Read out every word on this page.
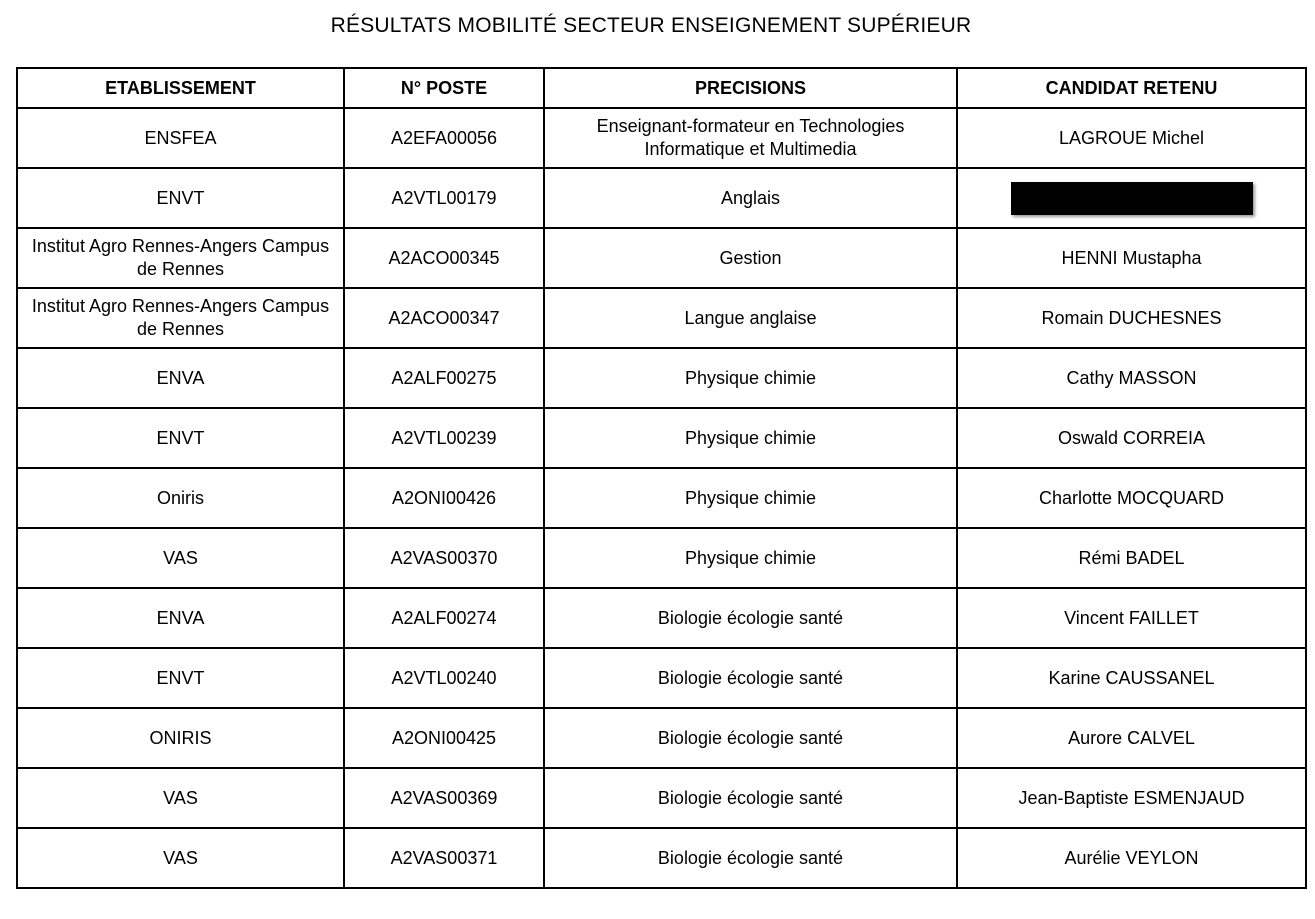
RÉSULTATS MOBILITÉ SECTEUR ENSEIGNEMENT SUPÉRIEUR
ETABLISSEMENT	N° POSTE	PRECISIONS	CANDIDAT RETENU
ENSFEA	A2EFA00056	Enseignant-formateur en Technologies Informatique et Multimedia	LAGROUE Michel
ENVT	A2VTL00179	Anglais	
Institut Agro Rennes-Angers Campus de Rennes	A2ACO00345	Gestion	HENNI Mustapha
Institut Agro Rennes-Angers Campus de Rennes	A2ACO00347	Langue anglaise	Romain DUCHESNES
ENVA	A2ALF00275	Physique chimie	Cathy MASSON
ENVT	A2VTL00239	Physique chimie	Oswald CORREIA
Oniris	A2ONI00426	Physique chimie	Charlotte MOCQUARD
VAS	A2VAS00370	Physique chimie	Rémi BADEL
ENVA	A2ALF00274	Biologie écologie santé	Vincent FAILLET
ENVT	A2VTL00240	Biologie écologie santé	Karine CAUSSANEL
ONIRIS	A2ONI00425	Biologie écologie santé	Aurore CALVEL
VAS	A2VAS00369	Biologie écologie santé	Jean-Baptiste ESMENJAUD
VAS	A2VAS00371	Biologie écologie santé	Aurélie VEYLON
